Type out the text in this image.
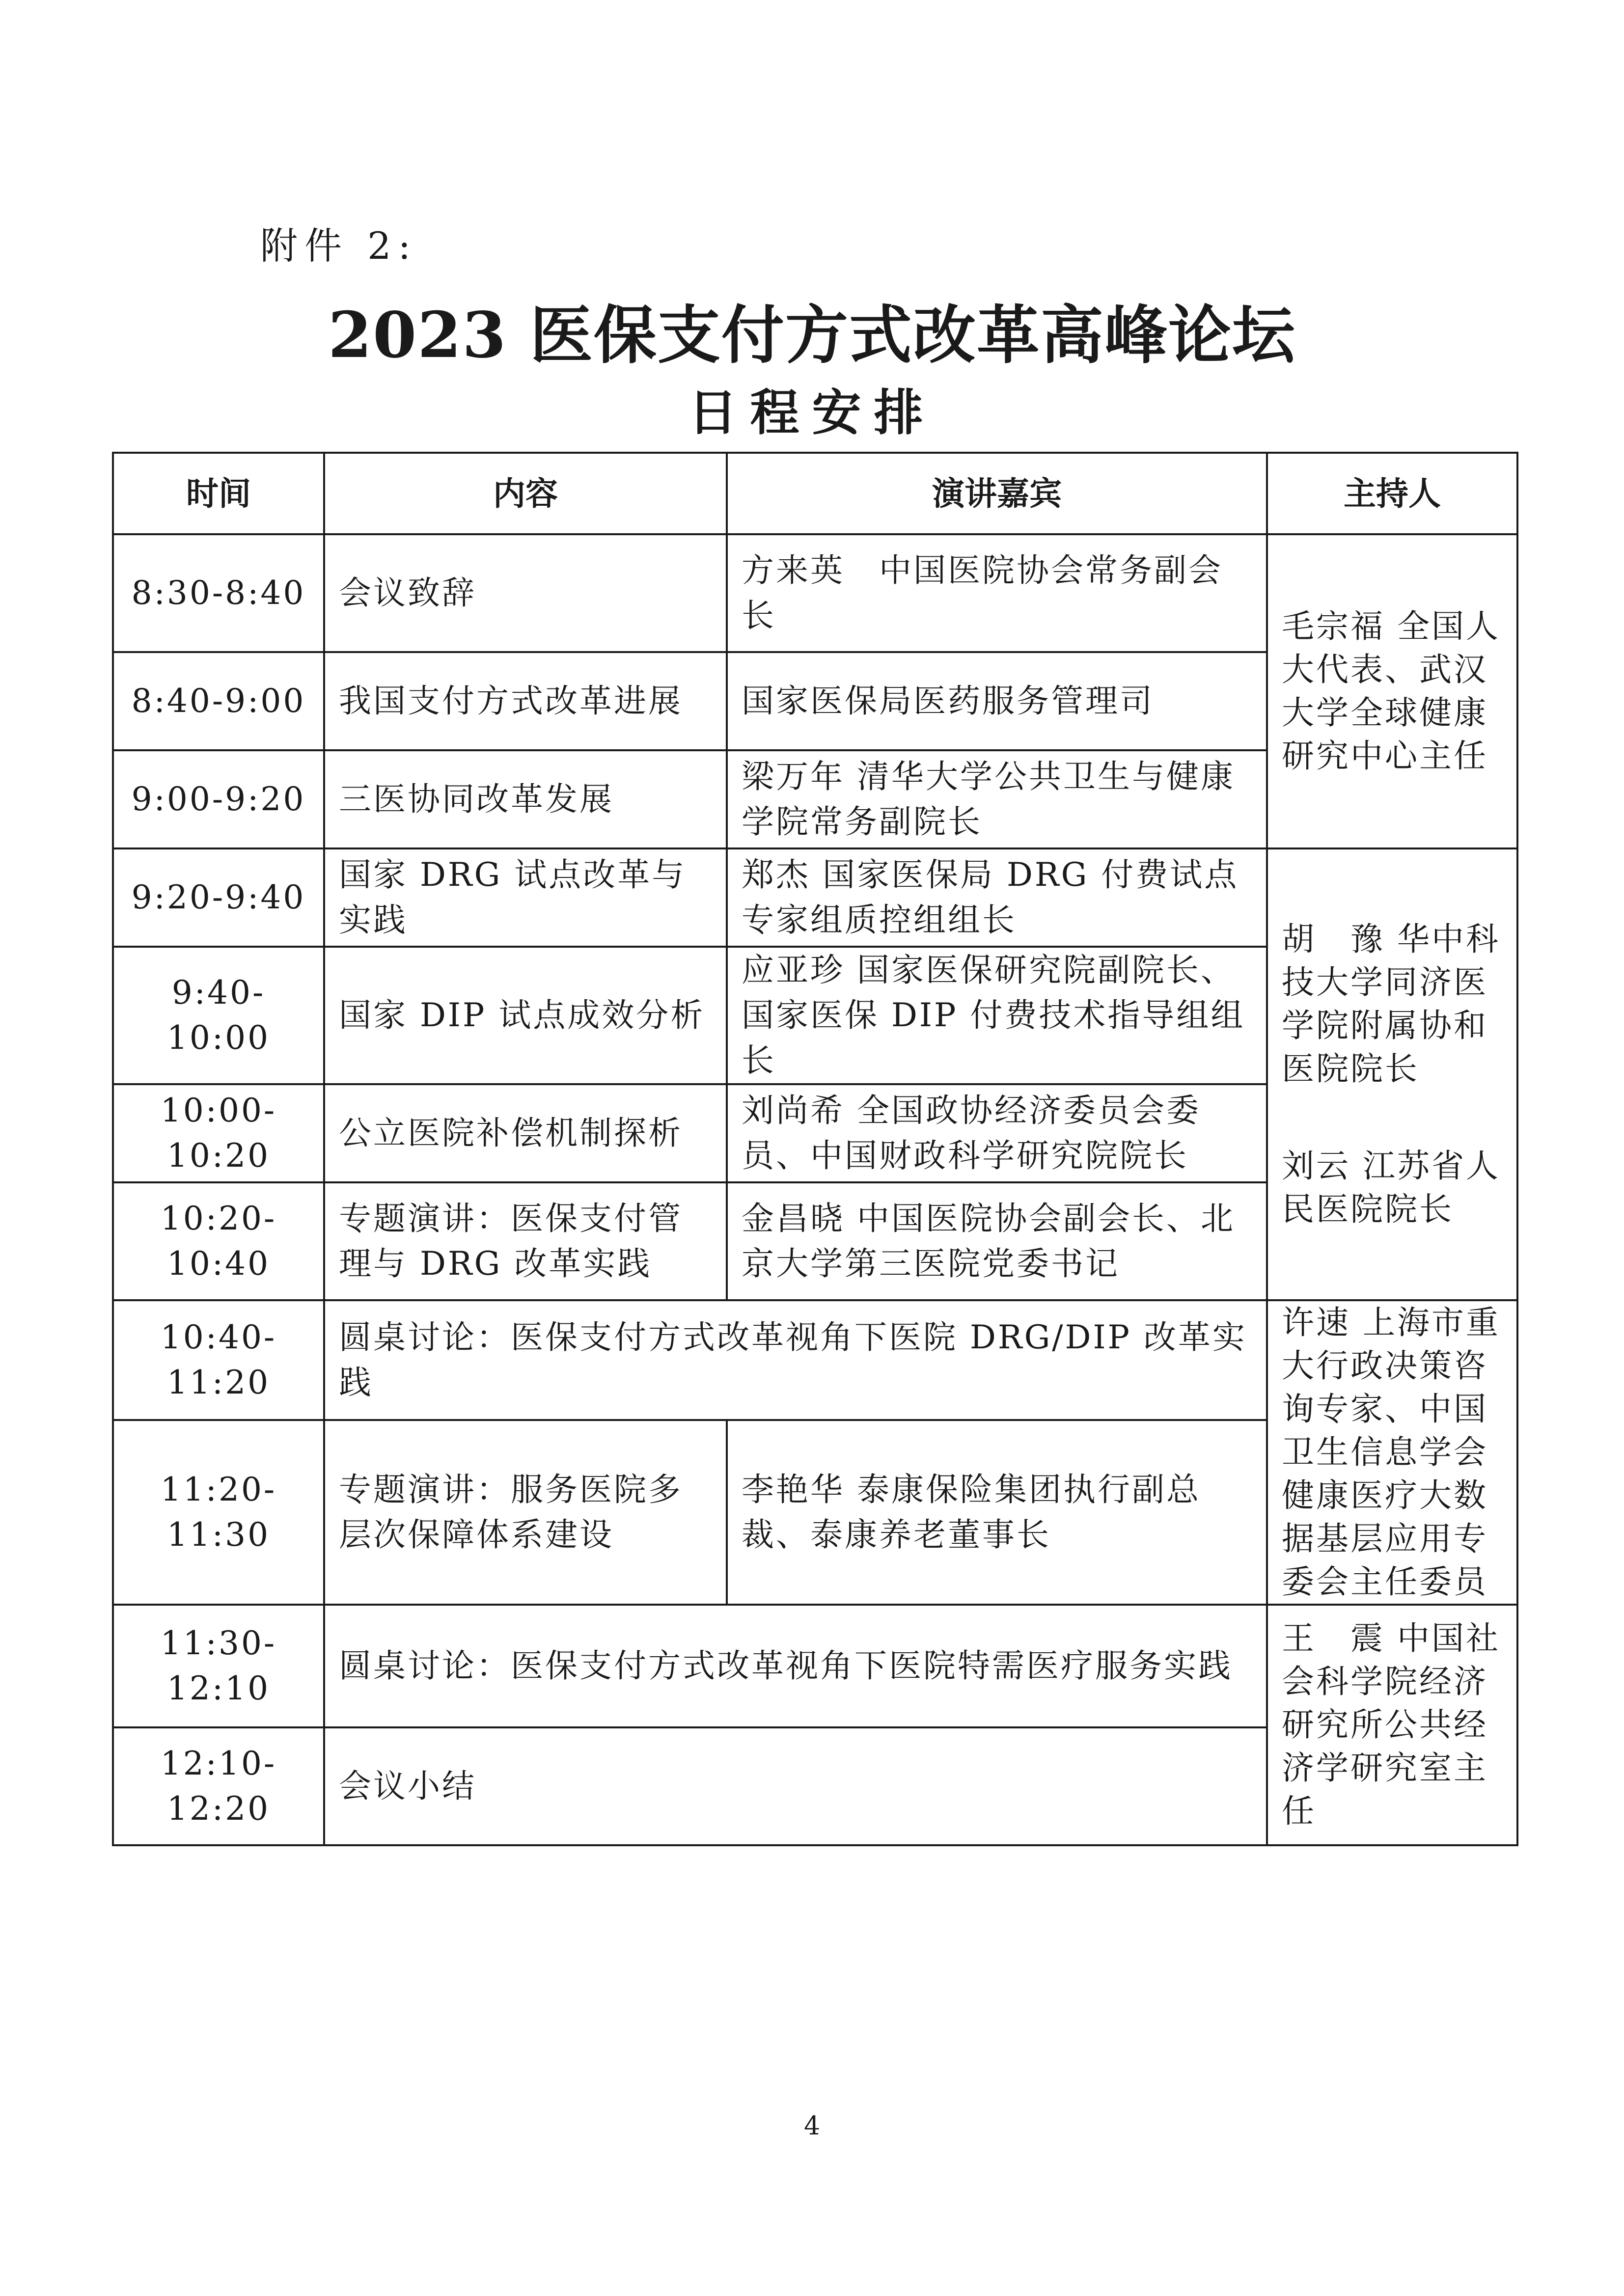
附件 2:
2023 医保支付方式改革高峰论坛
日程安排
时间	内容	演讲嘉宾	主持人
8:30-8:40	会议致辞	方来英　中国医院协会常务副会长	毛宗福 全国人大代表、武汉大学全球健康研究中心主任

8:40-9:00	我国支付方式改革进展	国家医保局医药服务管理司	
9:00-9:20	三医协同改革发展	梁万年 清华大学公共卫生与健康学院常务副院长	
9:20-9:40	国家 DRG 试点改革与实践	郑杰 国家医保局 DRG 付费试点专家组质控组组长	胡　豫 华中科技大学同济医学院附属协和医院院长
刘云 江苏省人民医院院长

9:40-10:00	国家 DIP 试点成效分析	应亚珍 国家医保研究院副院长、国家医保 DIP 付费技术指导组组长	
10:00-10:20	公立医院补偿机制探析	刘尚希 全国政协经济委员会委员、中国财政科学研究院院长	
10:20-10:40	专题演讲：医保支付管理与 DRG 改革实践	金昌晓 中国医院协会副会长、北京大学第三医院党委书记	
10:40-11:20	圆桌讨论：医保支付方式改革视角下医院 DRG/DIP 改革实践		许速 上海市重大行政决策咨询专家、中国卫生信息学会健康医疗大数据基层应用专委会主任委员

11:20-11:30	专题演讲：服务医院多层次保障体系建设	李艳华 泰康保险集团执行副总裁、泰康养老董事长	
11:30-12:10	圆桌讨论：医保支付方式改革视角下医院特需医疗服务实践		王　震 中国社会科学院经济研究所公共经济学研究室主任

12:10-12:20	会议小结		
4
